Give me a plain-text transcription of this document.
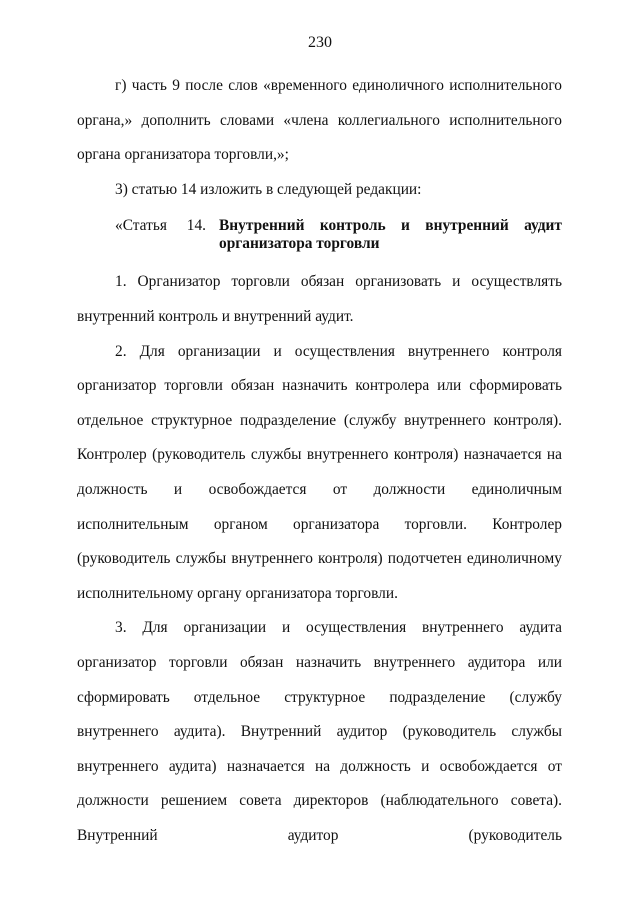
230

г) часть 9 после слов «временного единоличного исполнительного органа,» дополнить словами «члена коллегиального исполнительного органа организатора торговли,»;

3) статью 14 изложить в следующей редакции:

«Статья 14. Внутренний контроль и внутренний аудит организатора торговли

1. Организатор торговли обязан организовать и осуществлять внутренний контроль и внутренний аудит.

2. Для организации и осуществления внутреннего контроля организатор торговли обязан назначить контролера или сформировать отдельное структурное подразделение (службу внутреннего контроля). Контролер (руководитель службы внутреннего контроля) назначается на должность и освобождается от должности единоличным исполнительным органом организатора торговли. Контролер (руководитель службы внутреннего контроля) подотчетен единоличному исполнительному органу организатора торговли.

3. Для организации и осуществления внутреннего аудита организатор торговли обязан назначить внутреннего аудитора или сформировать отдельное структурное подразделение (службу внутреннего аудита). Внутренний аудитор (руководитель службы внутреннего аудита) назначается на должность и освобождается от должности решением совета директоров (наблюдательного совета). Внутренний аудитор (руководитель
